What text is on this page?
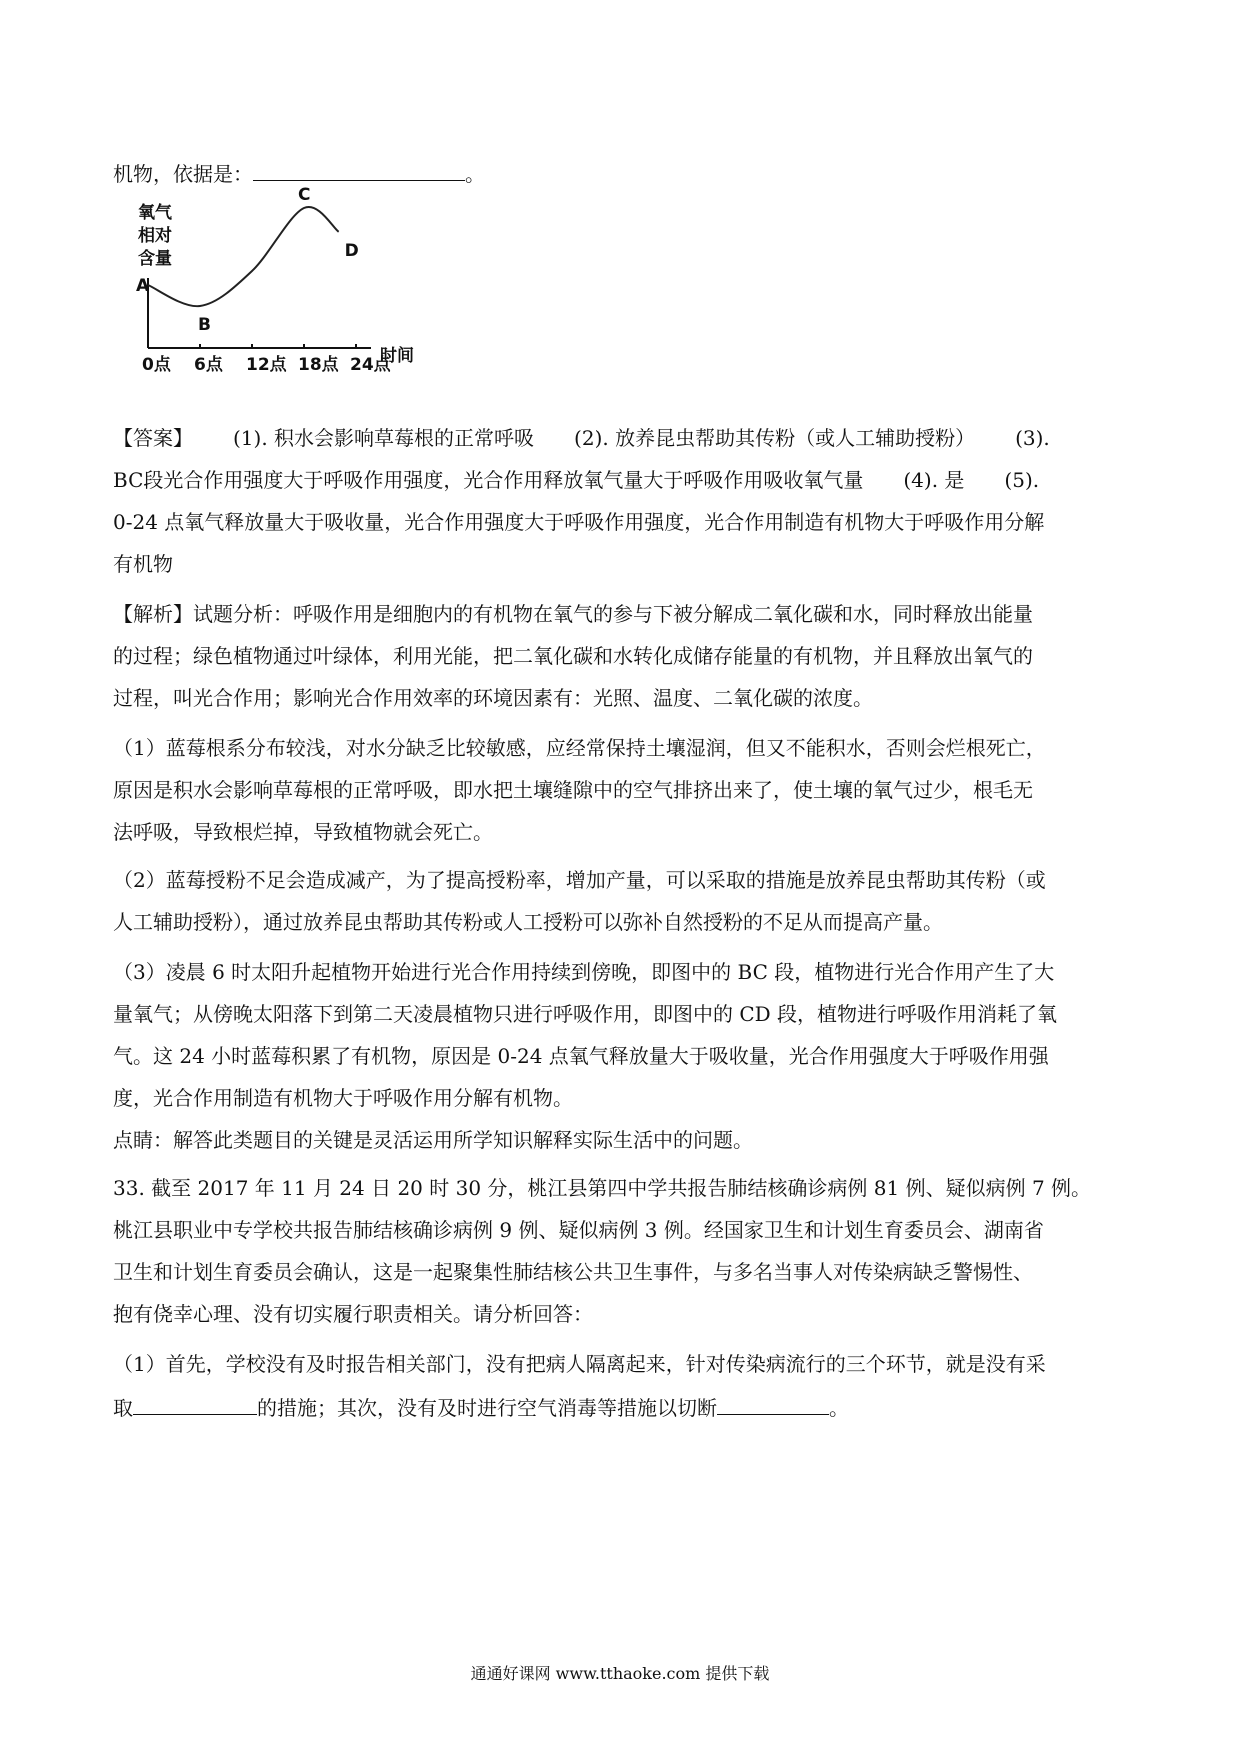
机物，依据是：	。
氧气
相对
含量
0点 6点 12点 18点 24点
时间
A
B
C
D
【答案】 (1). 积水会影响草莓根的正常呼吸 (2). 放养昆虫帮助其传粉（或人工辅助授粉） (3).
BC段光合作用强度大于呼吸作用强度，光合作用释放氧气量大于呼吸作用吸收氧气量 (4). 是 (5).
0-24 点氧气释放量大于吸收量，光合作用强度大于呼吸作用强度，光合作用制造有机物大于呼吸作用分解
有机物
【解析】试题分析：呼吸作用是细胞内的有机物在氧气的参与下被分解成二氧化碳和水，同时释放出能量
的过程；绿色植物通过叶绿体，利用光能，把二氧化碳和水转化成储存能量的有机物，并且释放出氧气的
过程，叫光合作用；影响光合作用效率的环境因素有：光照、温度、二氧化碳的浓度。
（1）蓝莓根系分布较浅，对水分缺乏比较敏感，应经常保持土壤湿润，但又不能积水，否则会烂根死亡，
原因是积水会影响草莓根的正常呼吸，即水把土壤缝隙中的空气排挤出来了，使土壤的氧气过少，根毛无
法呼吸，导致根烂掉，导致植物就会死亡。
（2）蓝莓授粉不足会造成减产，为了提高授粉率，增加产量，可以采取的措施是放养昆虫帮助其传粉（或
人工辅助授粉），通过放养昆虫帮助其传粉或人工授粉可以弥补自然授粉的不足从而提高产量。
（3）凌晨 6 时太阳升起植物开始进行光合作用持续到傍晚，即图中的 BC 段，植物进行光合作用产生了大
量氧气；从傍晚太阳落下到第二天凌晨植物只进行呼吸作用，即图中的 CD 段，植物进行呼吸作用消耗了氧
气。这 24 小时蓝莓积累了有机物，原因是 0-24 点氧气释放量大于吸收量，光合作用强度大于呼吸作用强
度，光合作用制造有机物大于呼吸作用分解有机物。
点睛：解答此类题目的关键是灵活运用所学知识解释实际生活中的问题。
33. 截至 2017 年 11 月 24 日 20 时 30 分，桃江县第四中学共报告肺结核确诊病例 81 例、疑似病例 7 例。
桃江县职业中专学校共报告肺结核确诊病例 9 例、疑似病例 3 例。经国家卫生和计划生育委员会、湖南省
卫生和计划生育委员会确认，这是一起聚集性肺结核公共卫生事件，与多名当事人对传染病缺乏警惕性、
抱有侥幸心理、没有切实履行职责相关。请分析回答：
（1）首先，学校没有及时报告相关部门，没有把病人隔离起来，针对传染病流行的三个环节，就是没有采
取	的措施；其次，没有及时进行空气消毒等措施以切断	。
通通好课网 www.tthaoke.com 提供下载
